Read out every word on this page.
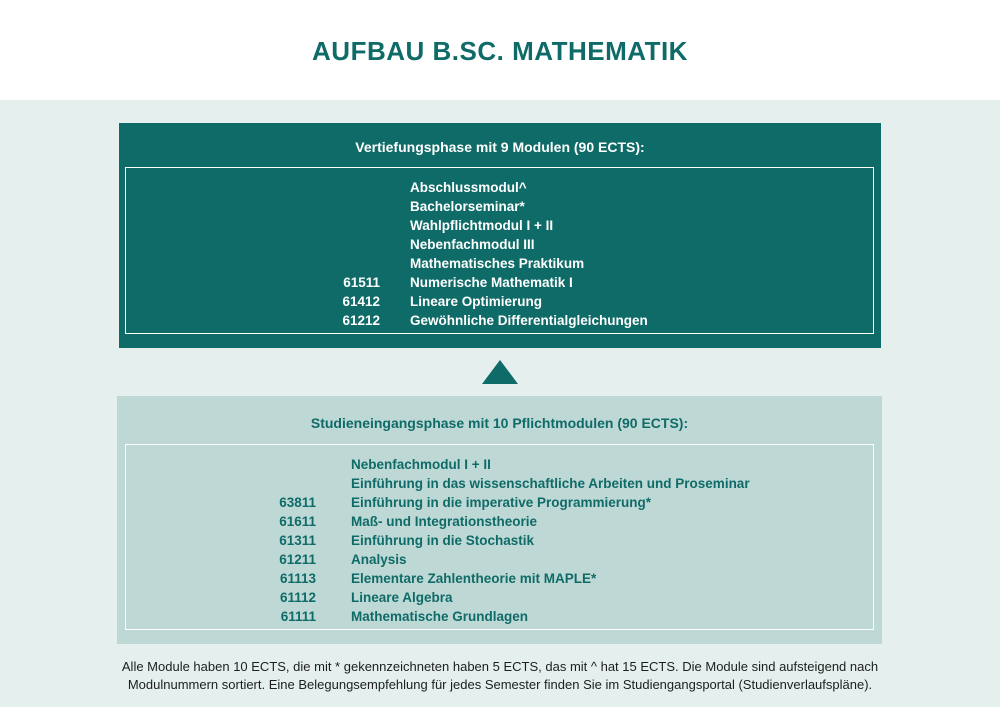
AUFBAU B.SC. MATHEMATIK
Vertiefungsphase mit 9 Modulen (90 ECTS):
Abschlussmodul^
Bachelorseminar*
Wahlpflichtmodul I + II
Nebenfachmodul III
Mathematisches Praktikum
61511 Numerische Mathematik I
61412 Lineare Optimierung
61212 Gewöhnliche Differentialgleichungen
Studieneingangsphase mit 10 Pflichtmodulen (90 ECTS):
Nebenfachmodul I + II
Einführung in das wissenschaftliche Arbeiten und Proseminar
63811	Einführung in die imperative Programmierung*
61611	Maß- und Integrationstheorie
61311	Einführung in die Stochastik
61211	Analysis
61113	Elementare Zahlentheorie mit MAPLE*
61112	Lineare Algebra
61111	Mathematische Grundlagen
Alle Module haben 10 ECTS, die mit * gekennzeichneten haben 5 ECTS, das mit ^ hat 15 ECTS. Die Module sind aufsteigend nach
Modulnummern sortiert. Eine Belegungsempfehlung für jedes Semester finden Sie im Studiengangsportal (Studienverlaufspläne).
